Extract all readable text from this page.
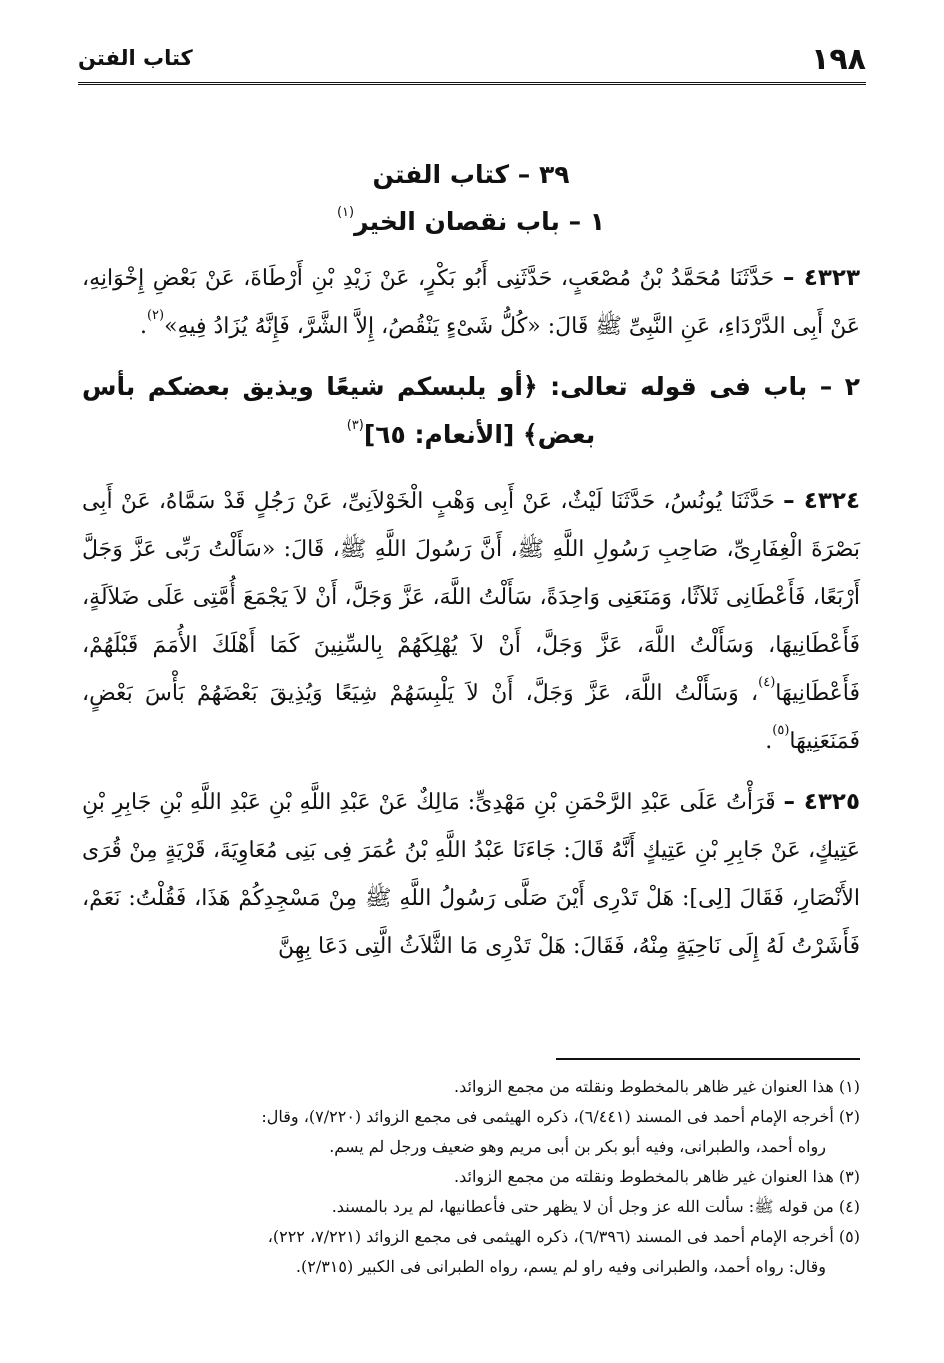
١٩٨
كتاب الفتن
٣٩ – كتاب الفتن
١ – باب نقصان الخير$^{(١)}$

٤٣٢٣ – حَدَّثَنَا مُحَمَّدُ بْنُ مُصْعَبٍ، حَدَّثَنِى أَبُو بَكْرٍ، عَنْ زَيْدِ بْنِ أَرْطَاةَ، عَنْ بَعْضِ إِخْوَانِهِ، عَنْ أَبِى الدَّرْدَاءِ، عَنِ النَّبِىِّ ﷺ قَالَ: «كُلُّ شَىْءٍ يَنْقُصُ، إِلاَّ الشَّرَّ، فَإِنَّهُ يُزَادُ فِيهِ»$^{(٢)}$.

٢ – باب فى قوله تعالى: ﴿أو يلبسكم شيعًا ويذيق بعضكم بأس بعض﴾ [الأنعام: ٦٥]$^{(٣)}$

٤٣٢٤ – حَدَّثَنَا يُونُسُ، حَدَّثَنَا لَيْثٌ، عَنْ أَبِى وَهْبٍ الْخَوْلاَنِىِّ، عَنْ رَجُلٍ قَدْ سَمَّاهُ، عَنْ أَبِى بَصْرَةَ الْغِفَارِىِّ، صَاحِبِ رَسُولِ اللَّهِ ﷺ، أَنَّ رَسُولَ اللَّهِ ﷺ، قَالَ: «سَأَلْتُ رَبِّى عَزَّ وَجَلَّ أَرْبَعًا، فَأَعْطَانِى ثَلاَثًا، وَمَنَعَنِى وَاحِدَةً، سَأَلْتُ اللَّهَ، عَزَّ وَجَلَّ، أَنْ لاَ يَجْمَعَ أُمَّتِى عَلَى ضَلاَلَةٍ، فَأَعْطَانِيهَا، وَسَأَلْتُ اللَّهَ، عَزَّ وَجَلَّ، أَنْ لاَ يُهْلِكَهُمْ بِالسِّنِينَ كَمَا أَهْلَكَ الأُمَمَ قَبْلَهُمْ، فَأَعْطَانِيهَا$^{(٤)}$، وَسَأَلْتُ اللَّهَ، عَزَّ وَجَلَّ، أَنْ لاَ يَلْبِسَهُمْ شِيَعًا وَيُذِيقَ بَعْضَهُمْ بَأْسَ بَعْضٍ، فَمَنَعَنِيهَا$^{(٥)}$.

٤٣٢٥ – قَرَأْتُ عَلَى عَبْدِ الرَّحْمَنِ بْنِ مَهْدِىٍّ: مَالِكٌ عَنْ عَبْدِ اللَّهِ بْنِ عَبْدِ اللَّهِ بْنِ جَابِرِ بْنِ عَتِيكٍ، عَنْ جَابِرِ بْنِ عَتِيكٍ أَنَّهُ قَالَ: جَاءَنَا عَبْدُ اللَّهِ بْنُ عُمَرَ فِى بَنِى مُعَاوِيَةَ، قَرْيَةٍ مِنْ قُرَى الأَنْصَارِ، فَقَالَ [لِى]: هَلْ تَدْرِى أَيْنَ صَلَّى رَسُولُ اللَّهِ ﷺ مِنْ مَسْجِدِكُمْ هَذَا، فَقُلْتُ: نَعَمْ، فَأَشَرْتُ لَهُ إِلَى نَاحِيَةٍ مِنْهُ، فَقَالَ: هَلْ تَدْرِى مَا الثَّلاَثُ الَّتِى دَعَا بِهِنَّ

(١) هذا العنوان غير ظاهر بالمخطوط ونقلته من مجمع الزوائد.

(٢) أخرجه الإمام أحمد فى المسند (٦/٤٤١)، ذكره الهيثمى فى مجمع الزوائد (٧/٢٢٠)، وقال:

رواه أحمد، والطبرانى، وفيه أبو بكر بن أبى مريم وهو ضعيف ورجل لم يسم.

(٣) هذا العنوان غير ظاهر بالمخطوط ونقلته من مجمع الزوائد.

(٤) من قوله ﷺ: سألت الله عز وجل أن لا يظهر حتى فأعطانيها، لم يرد بالمسند.

(٥) أخرجه الإمام أحمد فى المسند (٦/٣٩٦)، ذكره الهيثمى فى مجمع الزوائد (٧/٢٢١، ٢٢٢)،

وقال: رواه أحمد، والطبرانى وفيه راو لم يسم، رواه الطبرانى فى الكبير (٢/٣١٥).
